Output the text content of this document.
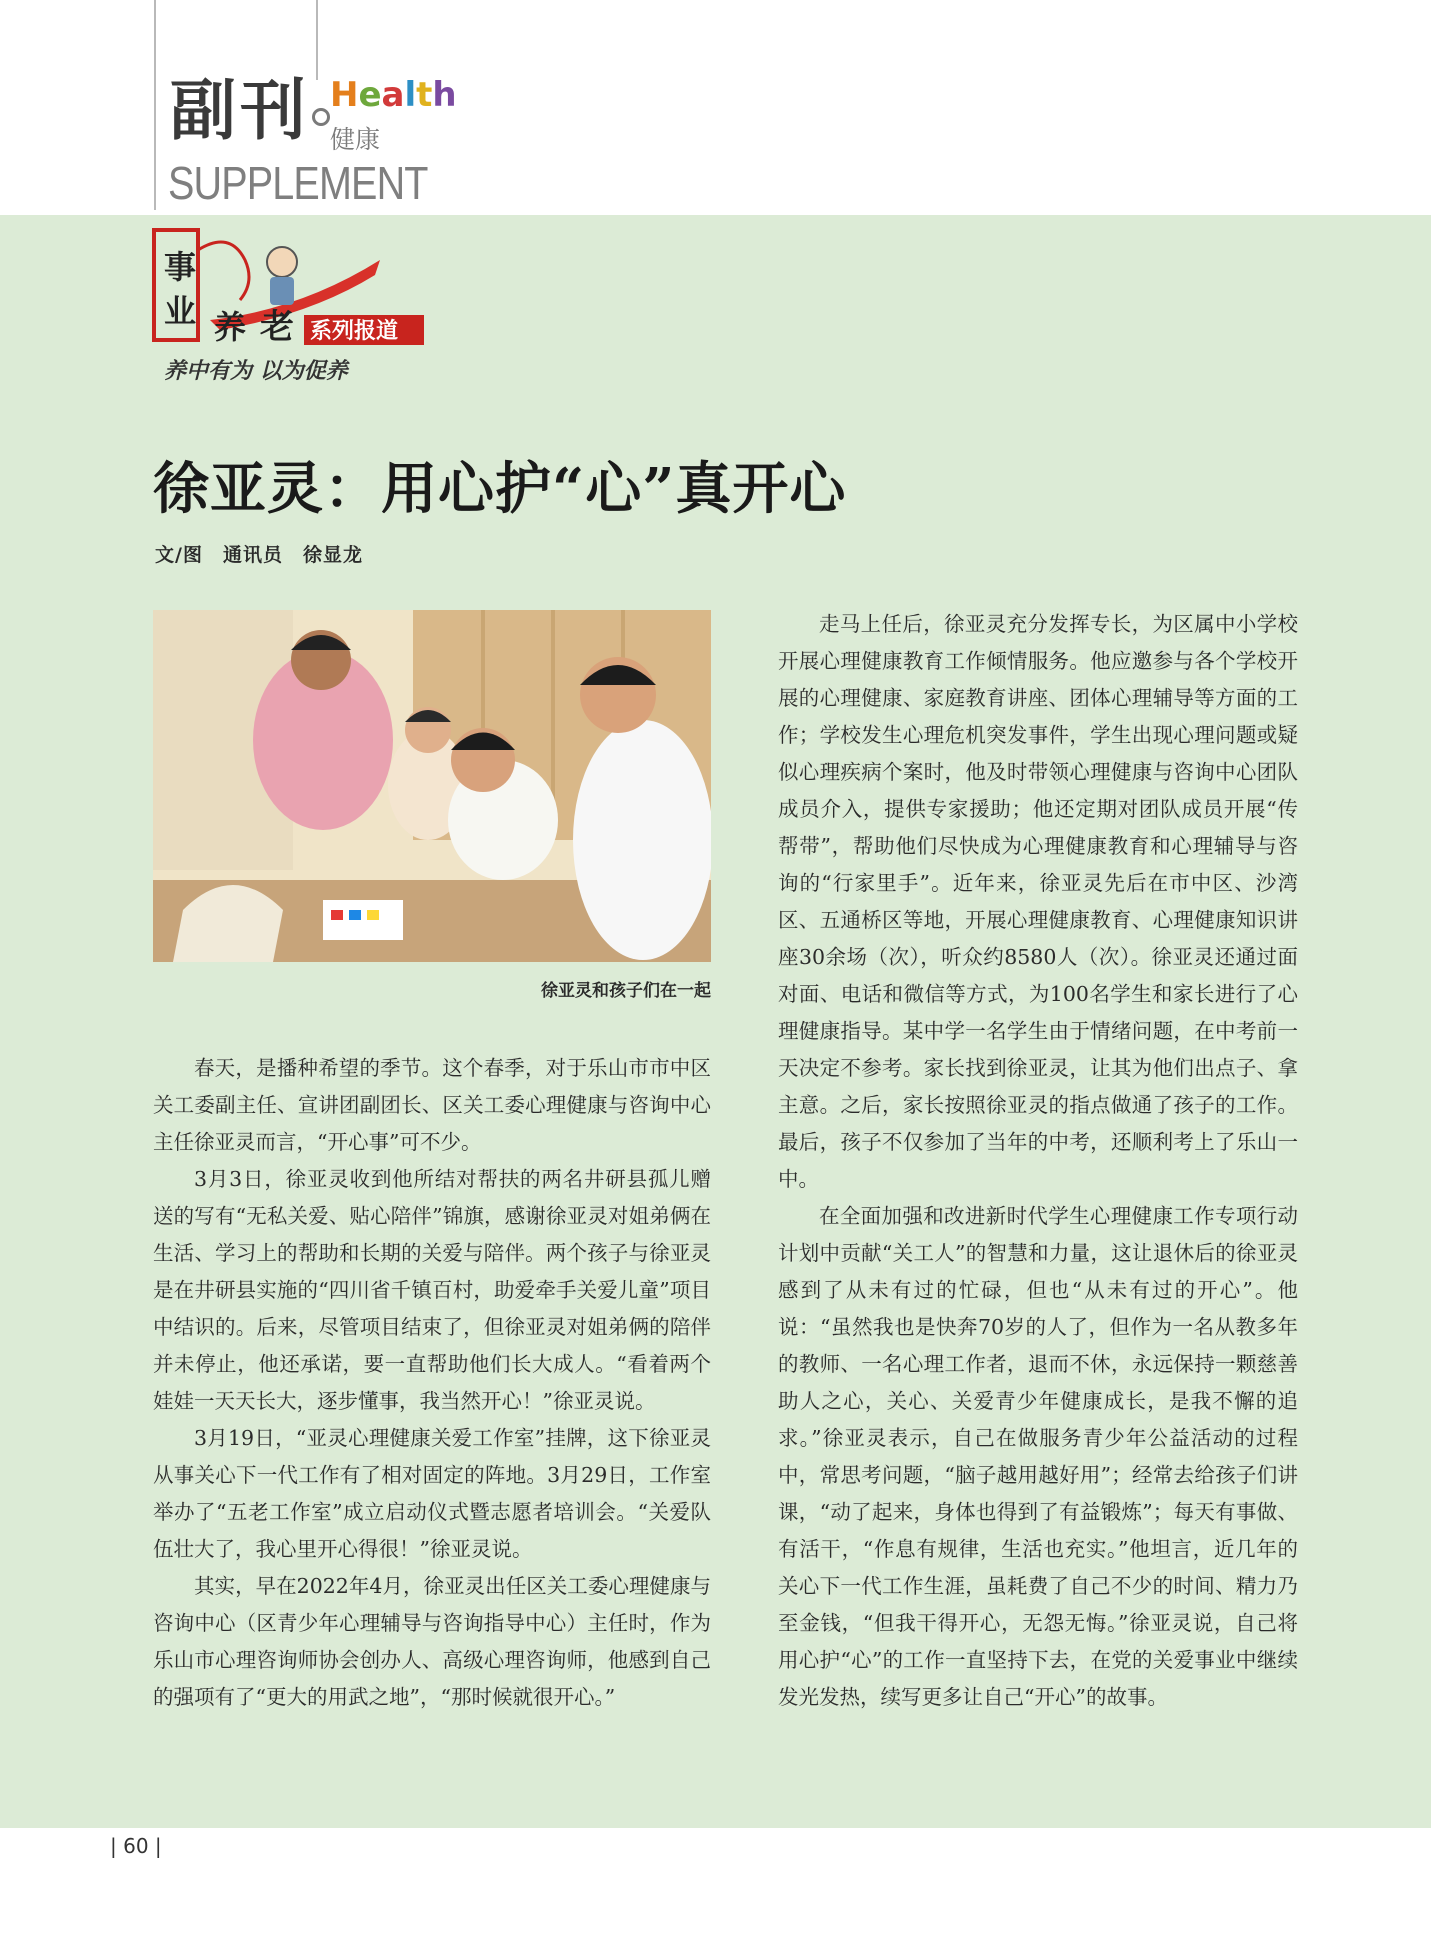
副刊 Health
健康
SUPPLEMENT
事
业 养 老 系列报道
养中有为 以为促养
徐亚灵：用心护“心”真开心
文/图　通讯员　徐显龙
徐亚灵和孩子们在一起

春天，是播种希望的季节。这个春季，对于乐山市市中区关工委副主任、宣讲团副团长、区关工委心理健康与咨询中心主任徐亚灵而言，“开心事”可不少。

3月3日，徐亚灵收到他所结对帮扶的两名井研县孤儿赠送的写有“无私关爱、贴心陪伴”锦旗，感谢徐亚灵对姐弟俩在生活、学习上的帮助和长期的关爱与陪伴。两个孩子与徐亚灵是在井研县实施的“四川省千镇百村，助爱牵手关爱儿童”项目中结识的。后来，尽管项目结束了，但徐亚灵对姐弟俩的陪伴并未停止，他还承诺，要一直帮助他们长大成人。“看着两个娃娃一天天长大，逐步懂事，我当然开心！”徐亚灵说。

3月19日，“亚灵心理健康关爱工作室”挂牌，这下徐亚灵从事关心下一代工作有了相对固定的阵地。3月29日，工作室举办了“五老工作室”成立启动仪式暨志愿者培训会。“关爱队伍壮大了，我心里开心得很！”徐亚灵说。

其实，早在2022年4月，徐亚灵出任区关工委心理健康与咨询中心（区青少年心理辅导与咨询指导中心）主任时，作为乐山市心理咨询师协会创办人、高级心理咨询师，他感到自己的强项有了“更大的用武之地”，“那时候就很开心。”

走马上任后，徐亚灵充分发挥专长，为区属中小学校开展心理健康教育工作倾情服务。他应邀参与各个学校开展的心理健康、家庭教育讲座、团体心理辅导等方面的工作；学校发生心理危机突发事件，学生出现心理问题或疑似心理疾病个案时，他及时带领心理健康与咨询中心团队成员介入，提供专家援助；他还定期对团队成员开展“传帮带”，帮助他们尽快成为心理健康教育和心理辅导与咨询的“行家里手”。近年来，徐亚灵先后在市中区、沙湾区、五通桥区等地，开展心理健康教育、心理健康知识讲座30余场（次），听众约8580人（次）。徐亚灵还通过面对面、电话和微信等方式，为100名学生和家长进行了心理健康指导。某中学一名学生由于情绪问题，在中考前一天决定不参考。家长找到徐亚灵，让其为他们出点子、拿主意。之后，家长按照徐亚灵的指点做通了孩子的工作。最后，孩子不仅参加了当年的中考，还顺利考上了乐山一中。

在全面加强和改进新时代学生心理健康工作专项行动计划中贡献“关工人”的智慧和力量，这让退休后的徐亚灵感到了从未有过的忙碌，但也“从未有过的开心”。他说：“虽然我也是快奔70岁的人了，但作为一名从教多年的教师、一名心理工作者，退而不休，永远保持一颗慈善助人之心，关心、关爱青少年健康成长，是我不懈的追求。”徐亚灵表示，自己在做服务青少年公益活动的过程中，常思考问题，“脑子越用越好用”；经常去给孩子们讲课，“动了起来，身体也得到了有益锻炼”；每天有事做、有活干，“作息有规律，生活也充实。”他坦言，近几年的关心下一代工作生涯，虽耗费了自己不少的时间、精力乃至金钱，“但我干得开心，无怨无悔。”徐亚灵说，自己将用心护“心”的工作一直坚持下去，在党的关爱事业中继续发光发热，续写更多让自己“开心”的故事。

| 60 |
